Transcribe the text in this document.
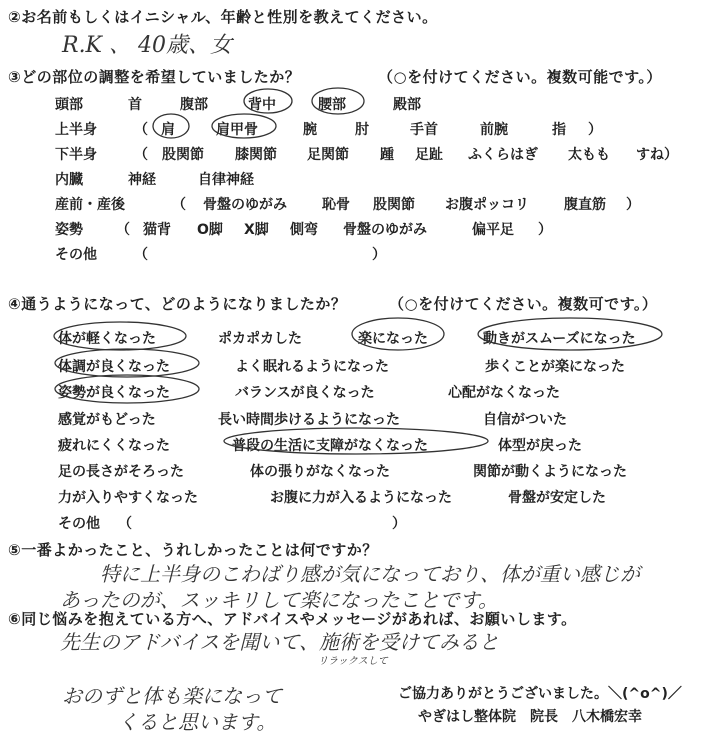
②お名前もしくはイニシャル、年齢と性別を教えてください。
R.K 、 40歳、女
③どの部位の調整を希望していましたか？	（○を付けてください。複数可能です。）
頭部	首	腹部	背中	腰部	殿部
上半身	（ 肩	肩甲骨	腕	肘	手首	前腕	指 ）
下半身	（ 股関節 膝関節 足関節 踵 足趾 ふくらはぎ 太もも すね）
内臓	神経	自律神経
産前・産後	（ 骨盤のゆがみ	恥骨 股関節 お腹ポッコリ	腹直筋 ）
姿勢 （ 猫背 O脚 X脚 側弯 骨盤のゆがみ	偏平足 ）
その他	（	）
④通うようになって、どのようになりましたか？	（○を付けてください。複数可です。）
体が軽くなった	ポカポカした	楽になった	動きがスムーズになった
体調が良くなった	よく眠れるようになった	歩くことが楽になった
姿勢が良くなった	バランスが良くなった	心配がなくなった
感覚がもどった	長い時間歩けるようになった	自信がついた
疲れにくくなった	普段の生活に支障がなくなった	体型が戻った
足の長さがそろった	体の張りがなくなった	関節が動くようになった
力が入りやすくなった	お腹に力が入るようになった	骨盤が安定した
その他 （	）
⑤一番よかったこと、うれしかったことは何ですか？
特に上半身のこわばり感が気になっており、体が重い感じが
あったのが、スッキリして楽になったことです。
⑥同じ悩みを抱えている方へ、アドバイスやメッセージがあれば、お願いします。
先生のアドバイスを聞いて、施術を受けてみると
リラックスして
おのずと体も楽になって
くると思います。
ご協力ありがとうございました。＼(^o^)／
やぎはし整体院　院長　八木橋宏幸
